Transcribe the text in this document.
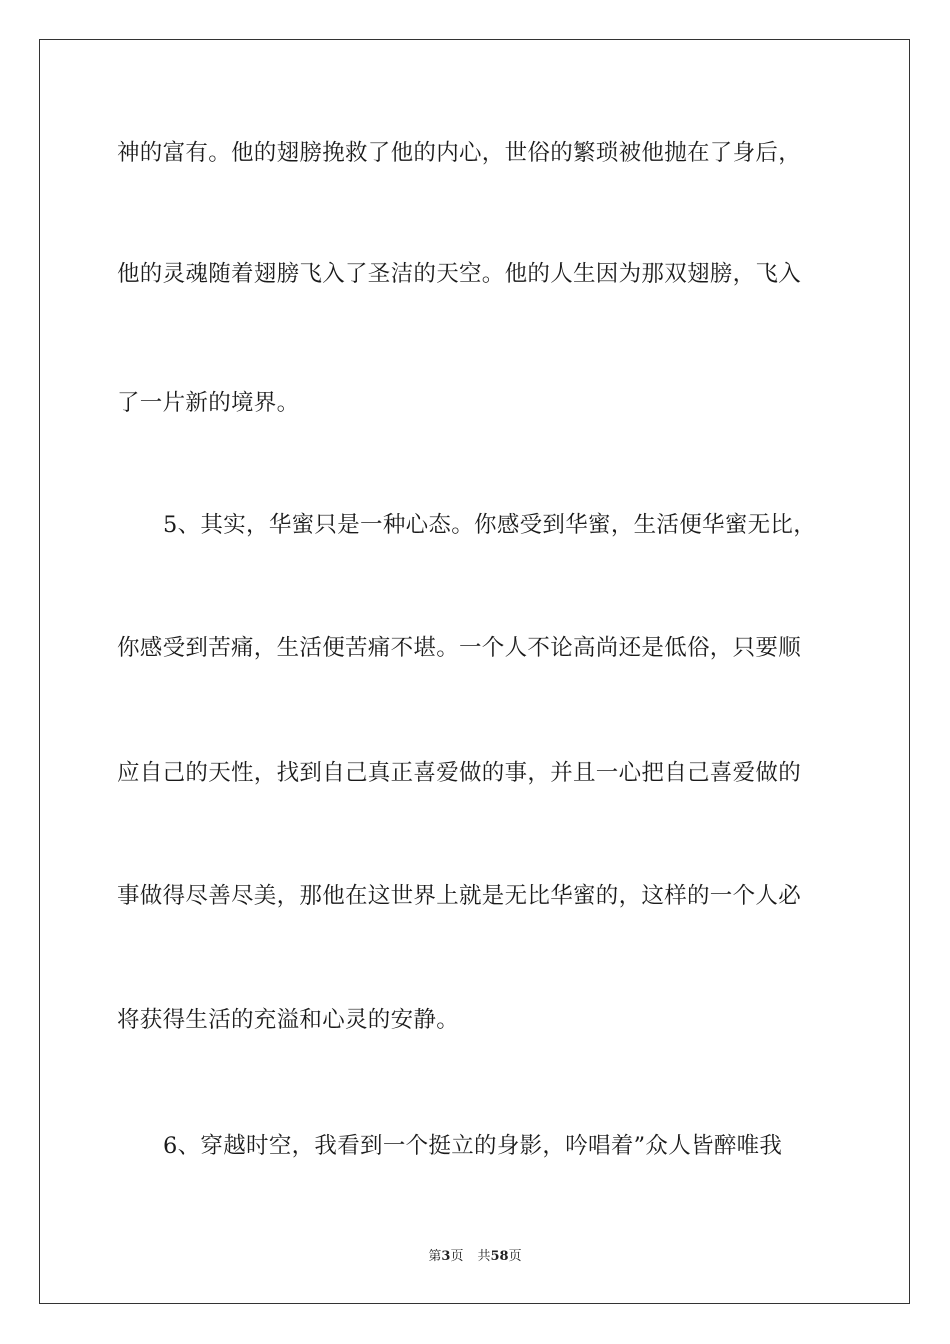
神的富有。他的翅膀挽救了他的内心，世俗的繁琐被他抛在了身后，
他的灵魂随着翅膀飞入了圣洁的天空。他的人生因为那双翅膀，飞入
了一片新的境界。
5、其实，华蜜只是一种心态。你感受到华蜜，生活便华蜜无比，
你感受到苦痛，生活便苦痛不堪。一个人不论高尚还是低俗，只要顺
应自己的天性，找到自己真正喜爱做的事，并且一心把自己喜爱做的
事做得尽善尽美，那他在这世界上就是无比华蜜的，这样的一个人必
将获得生活的充溢和心灵的安静。
6、穿越时空，我看到一个挺立的身影，吟唱着”众人皆醉唯我
第3页 共58页
